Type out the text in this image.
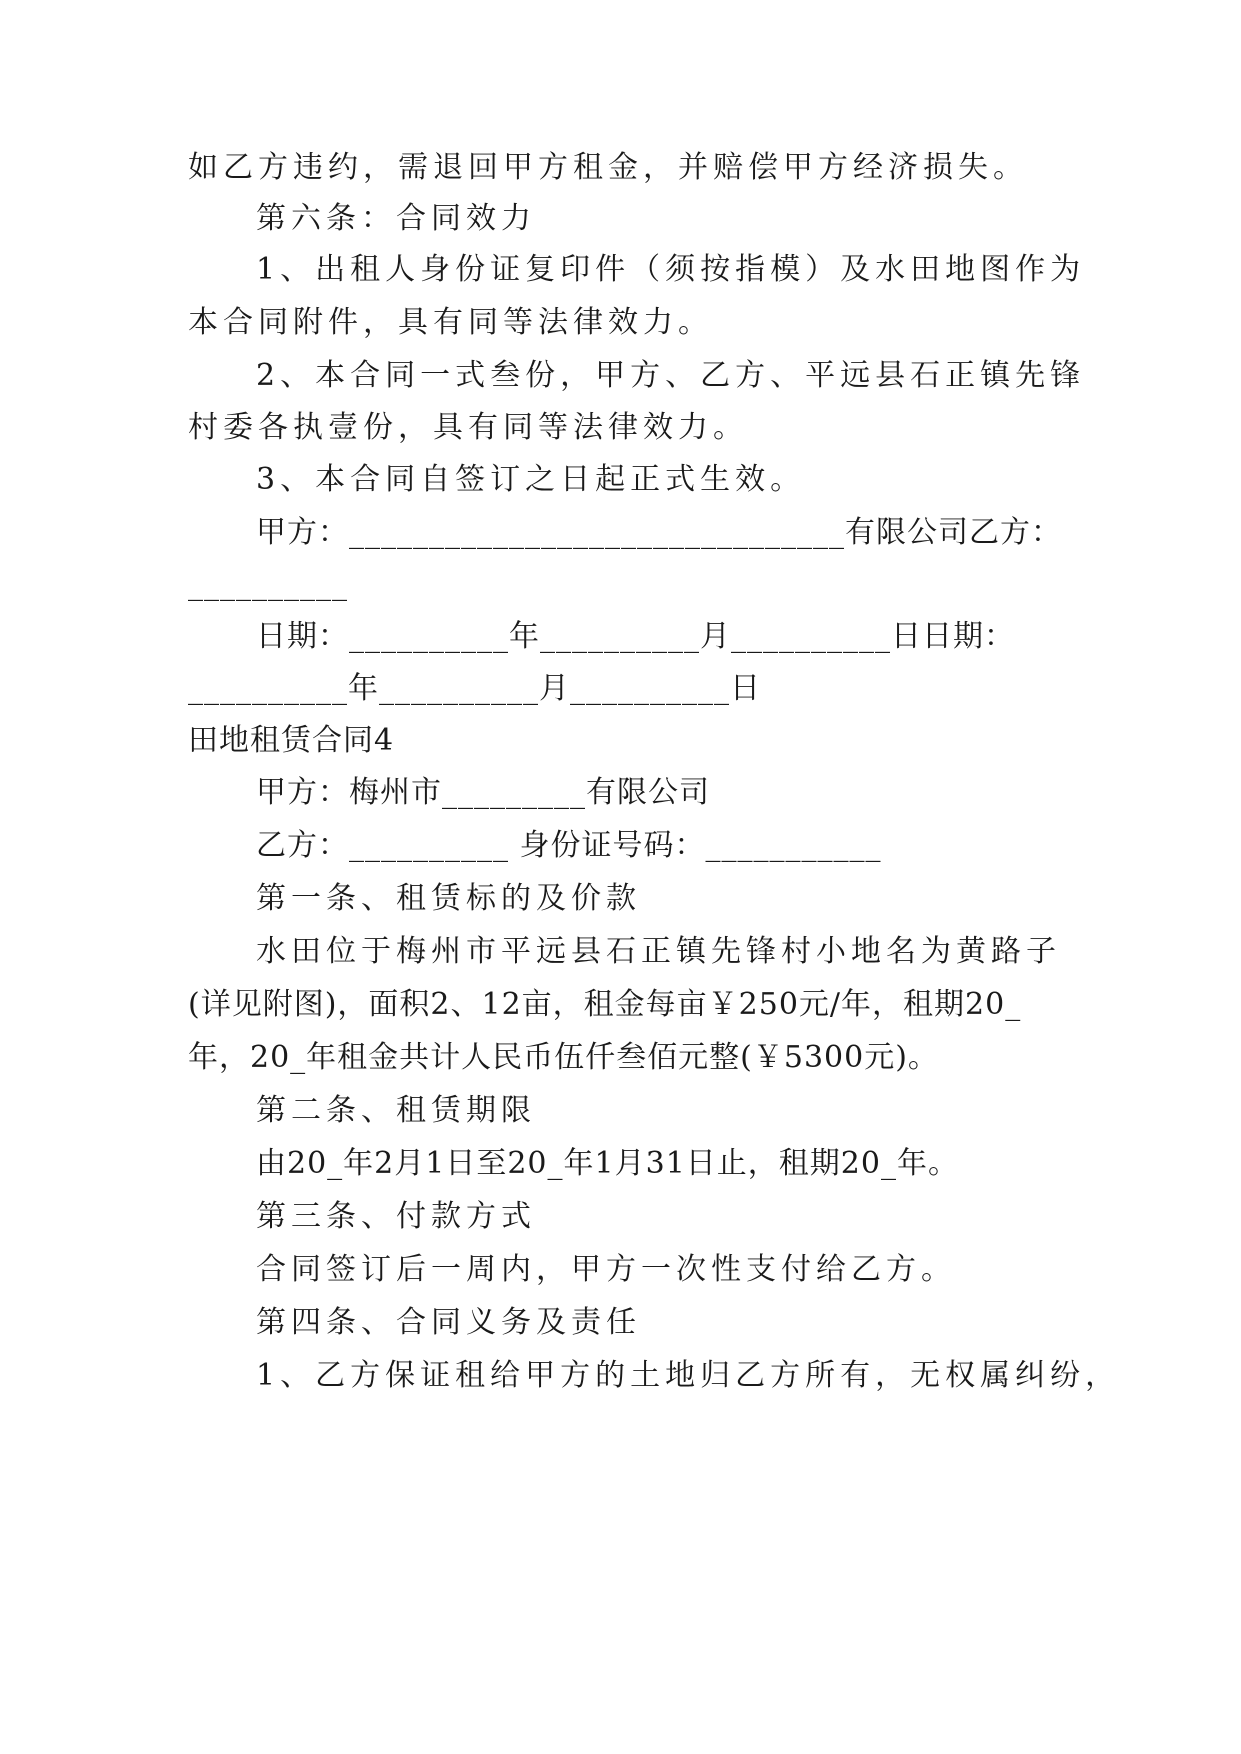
如乙方违约，需退回甲方租金，并赔偿甲方经济损失。
第六条：合同效力
1、出租人身份证复印件（须按指模）及水田地图作为
本合同附件，具有同等法律效力。
2、本合同一式叁份，甲方、乙方、平远县石正镇先锋
村委各执壹份，具有同等法律效力。
3、本合同自签订之日起正式生效。
甲方：_______________________________有限公司乙方：
__________
日期：__________年__________月__________日日期：
__________年__________月__________日
田地租赁合同4
甲方：梅州市_________有限公司
乙方：__________ 身份证号码：___________
第一条、租赁标的及价款
水田位于梅州市平远县石正镇先锋村小地名为黄路子
(详见附图)，面积2、12亩，租金每亩￥250元/年，租期20_
年，20_年租金共计人民币伍仟叁佰元整(￥5300元)。
第二条、租赁期限
由20_年2月1日至20_年1月31日止，租期20_年。
第三条、付款方式
合同签订后一周内，甲方一次性支付给乙方。
第四条、合同义务及责任
1、乙方保证租给甲方的土地归乙方所有，无权属纠纷，
